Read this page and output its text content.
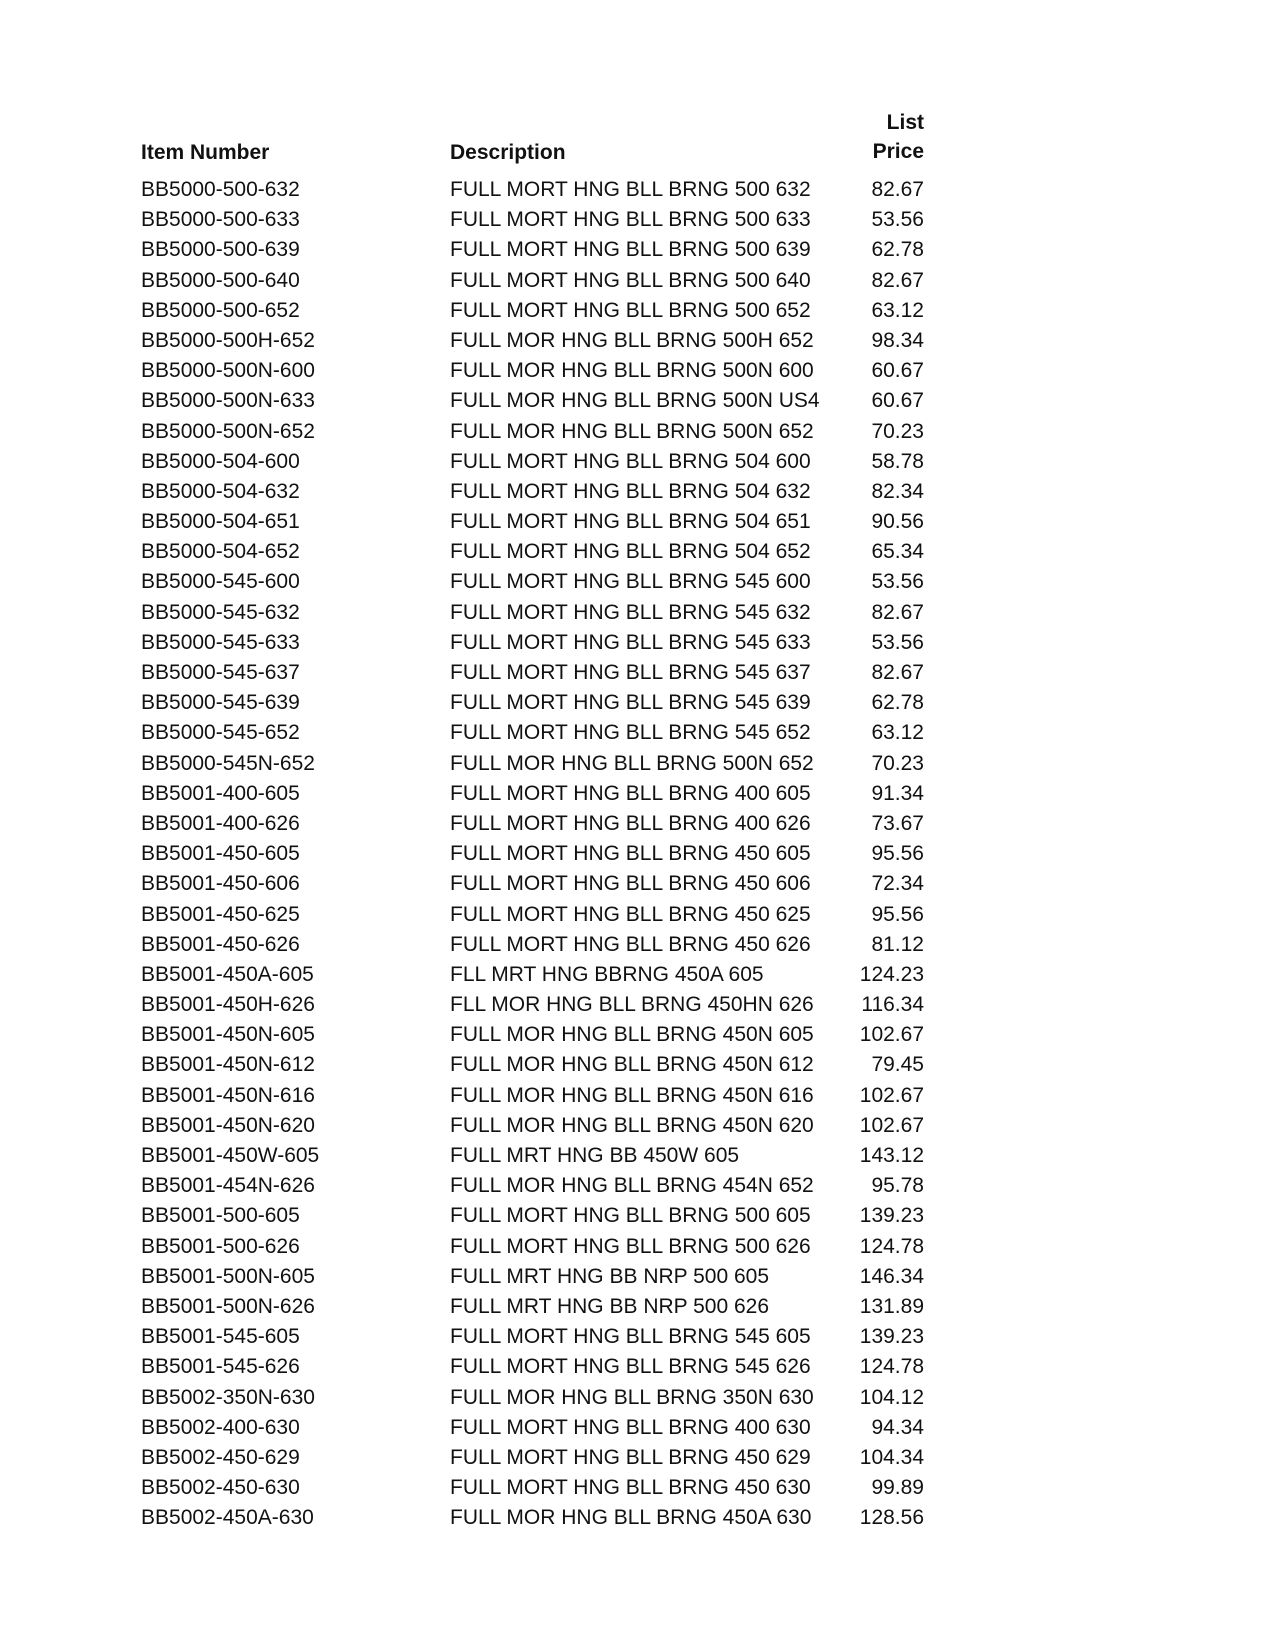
Item Number	Description
List
Price
BB5000-500-632	FULL MORT HNG BLL BRNG 500 632	82.67
BB5000-500-633	FULL MORT HNG BLL BRNG 500 633	53.56
BB5000-500-639	FULL MORT HNG BLL BRNG 500 639	62.78
BB5000-500-640	FULL MORT HNG BLL BRNG 500 640	82.67
BB5000-500-652	FULL MORT HNG BLL BRNG 500 652	63.12
BB5000-500H-652	FULL MOR HNG BLL BRNG 500H 652	98.34
BB5000-500N-600	FULL MOR HNG BLL BRNG 500N 600	60.67
BB5000-500N-633	FULL MOR HNG BLL BRNG 500N US4	60.67
BB5000-500N-652	FULL MOR HNG BLL BRNG 500N 652	70.23
BB5000-504-600	FULL MORT HNG BLL BRNG 504 600	58.78
BB5000-504-632	FULL MORT HNG BLL BRNG 504 632	82.34
BB5000-504-651	FULL MORT HNG BLL BRNG 504 651	90.56
BB5000-504-652	FULL MORT HNG BLL BRNG 504 652	65.34
BB5000-545-600	FULL MORT HNG BLL BRNG 545 600	53.56
BB5000-545-632	FULL MORT HNG BLL BRNG 545 632	82.67
BB5000-545-633	FULL MORT HNG BLL BRNG 545 633	53.56
BB5000-545-637	FULL MORT HNG BLL BRNG 545 637	82.67
BB5000-545-639	FULL MORT HNG BLL BRNG 545 639	62.78
BB5000-545-652	FULL MORT HNG BLL BRNG 545 652	63.12
BB5000-545N-652	FULL MOR HNG BLL BRNG 500N 652	70.23
BB5001-400-605	FULL MORT HNG BLL BRNG 400 605	91.34
BB5001-400-626	FULL MORT HNG BLL BRNG 400 626	73.67
BB5001-450-605	FULL MORT HNG BLL BRNG 450 605	95.56
BB5001-450-606	FULL MORT HNG BLL BRNG 450 606	72.34
BB5001-450-625	FULL MORT HNG BLL BRNG 450 625	95.56
BB5001-450-626	FULL MORT HNG BLL BRNG 450 626	81.12
BB5001-450A-605	FLL MRT HNG BBRNG 450A 605	124.23
BB5001-450H-626	FLL MOR HNG BLL BRNG 450HN 626	116.34
BB5001-450N-605	FULL MOR HNG BLL BRNG 450N 605	102.67
BB5001-450N-612	FULL MOR HNG BLL BRNG 450N 612	79.45
BB5001-450N-616	FULL MOR HNG BLL BRNG 450N 616	102.67
BB5001-450N-620	FULL MOR HNG BLL BRNG 450N 620	102.67
BB5001-450W-605	FULL MRT HNG BB 450W 605	143.12
BB5001-454N-626	FULL MOR HNG BLL BRNG 454N 652	95.78
BB5001-500-605	FULL MORT HNG BLL BRNG 500 605	139.23
BB5001-500-626	FULL MORT HNG BLL BRNG 500 626	124.78
BB5001-500N-605	FULL MRT HNG BB NRP 500 605	146.34
BB5001-500N-626	FULL MRT HNG BB NRP 500 626	131.89
BB5001-545-605	FULL MORT HNG BLL BRNG 545 605	139.23
BB5001-545-626	FULL MORT HNG BLL BRNG 545 626	124.78
BB5002-350N-630	FULL MOR HNG BLL BRNG 350N 630	104.12
BB5002-400-630	FULL MORT HNG BLL BRNG 400 630	94.34
BB5002-450-629	FULL MORT HNG BLL BRNG 450 629	104.34
BB5002-450-630	FULL MORT HNG BLL BRNG 450 630	99.89
BB5002-450A-630	FULL MOR HNG BLL BRNG 450A 630	128.56
